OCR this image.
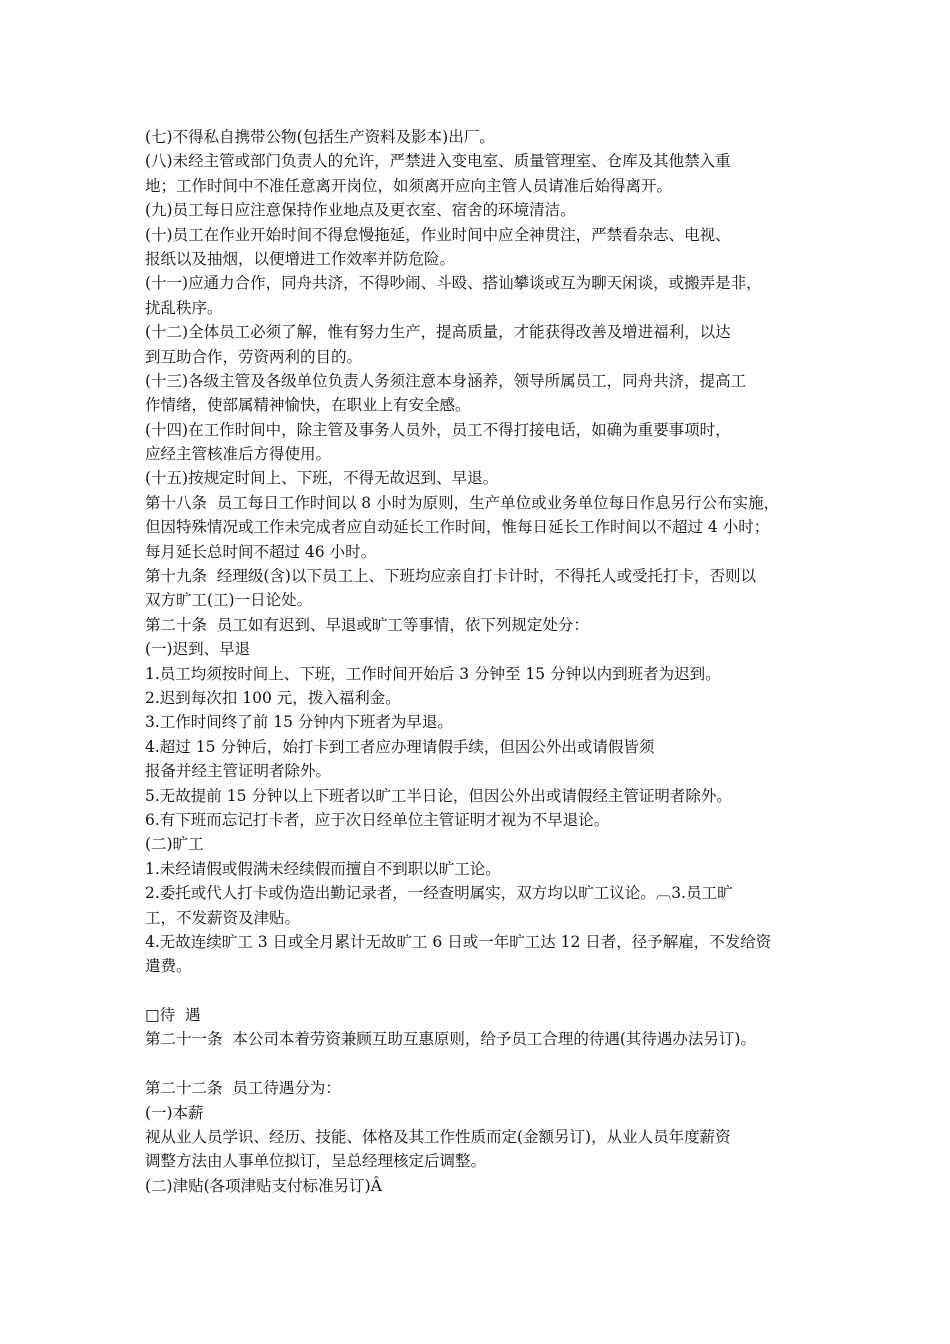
(七)不得私自携带公物(包括生产资料及影本)出厂。
(八)未经主管或部门负责人的允许，严禁进入变电室、质量管理室、仓库及其他禁入重
地；工作时间中不准任意离开岗位，如须离开应向主管人员请准后始得离开。
(九)员工每日应注意保持作业地点及更衣室、宿舍的环境清洁。
(十)员工在作业开始时间不得怠慢拖延，作业时间中应全神贯注，严禁看杂志、电视、
报纸以及抽烟，以便增进工作效率并防危险。
(十一)应通力合作，同舟共济，不得吵闹、斗殴、搭讪攀谈或互为聊天闲谈，或搬弄是非，
扰乱秩序。
(十二)全体员工必须了解，惟有努力生产，提高质量，才能获得改善及增进福利，以达
到互助合作，劳资两利的目的。
(十三)各级主管及各级单位负责人务须注意本身涵养，领导所属员工，同舟共济，提高工
作情绪，使部属精神愉快，在职业上有安全感。
(十四)在工作时间中，除主管及事务人员外，员工不得打接电话，如确为重要事项时，
应经主管核准后方得使用。
(十五)按规定时间上、下班，不得无故迟到、早退。
第十八条  员工每日工作时间以 8 小时为原则，生产单位或业务单位每日作息另行公布实施，
但因特殊情况或工作未完成者应自动延长工作时间，惟每日延长工作时间以不超过 4 小时；
每月延长总时间不超过 46 小时。
第十九条  经理级(含)以下员工上、下班均应亲自打卡计时，不得托人或受托打卡，否则以
双方旷工(工)一日论处。
第二十条  员工如有迟到、早退或旷工等事情，依下列规定处分：
(一)迟到、早退
1.员工均须按时间上、下班，工作时间开始后 3 分钟至 15 分钟以内到班者为迟到。
2.迟到每次扣 100 元，拨入福利金。
3.工作时间终了前 15 分钟内下班者为早退。
4.超过 15 分钟后，始打卡到工者应办理请假手续，但因公外出或请假皆须
报备并经主管证明者除外。
5.无故提前 15 分钟以上下班者以旷工半日论，但因公外出或请假经主管证明者除外。
6.有下班而忘记打卡者，应于次日经单位主管证明才视为不早退论。
(二)旷工
1.未经请假或假满未经续假而擅自不到职以旷工论。
2.委托或代人打卡或伪造出勤记录者，一经查明属实，双方均以旷工议论。︹3.员工旷
工，不发薪资及津贴。
4.无故连续旷工 3 日或全月累计无故旷工 6 日或一年旷工达 12 日者，径予解雇，不发给资
遣费。
□待  遇
第二十一条  本公司本着劳资兼顾互助互惠原则，给予员工合理的待遇(其待遇办法另订)。
第二十二条  员工待遇分为：
(一)本薪
视从业人员学识、经历、技能、体格及其工作性质而定(金额另订)，从业人员年度薪资
调整方法由人事单位拟订，呈总经理核定后调整。
(二)津贴(各项津贴支付标准另订)Â
